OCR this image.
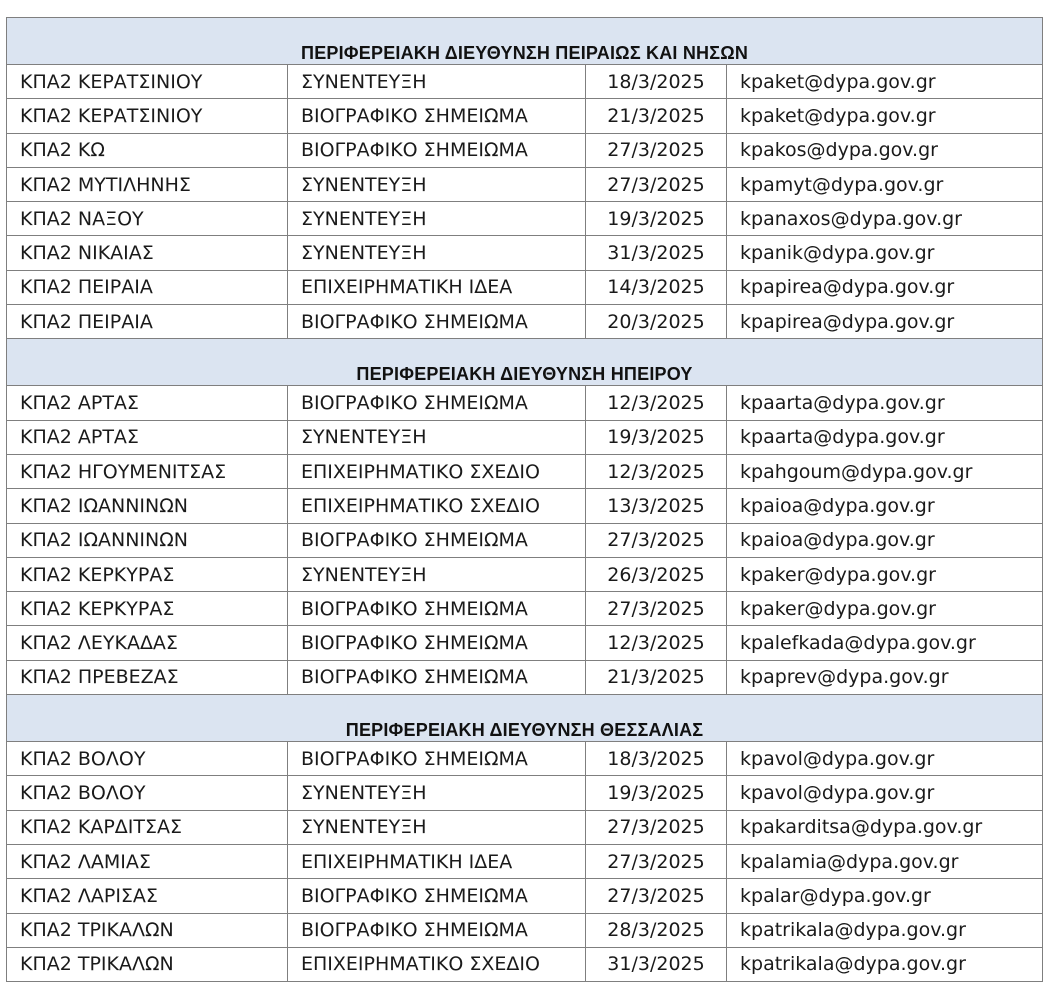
ΠΕΡΙΦΕΡΕΙΑΚΗ ΔΙΕΥΘΥΝΣΗ ΠΕΙΡΑΙΩΣ ΚΑΙ ΝΗΣΩΝ			
ΚΠΑ2 ΚΕΡΑΤΣΙΝΙΟΥ	ΣΥΝΕΝΤΕΥΞΗ	18/3/2025	kpaket@dypa.gov.gr
ΚΠΑ2 ΚΕΡΑΤΣΙΝΙΟΥ	ΒΙΟΓΡΑΦΙΚΟ ΣΗΜΕΙΩΜΑ	21/3/2025	kpaket@dypa.gov.gr
ΚΠΑ2 ΚΩ	ΒΙΟΓΡΑΦΙΚΟ ΣΗΜΕΙΩΜΑ	27/3/2025	kpakos@dypa.gov.gr
ΚΠΑ2 ΜΥΤΙΛΗΝΗΣ	ΣΥΝΕΝΤΕΥΞΗ	27/3/2025	kpamyt@dypa.gov.gr
ΚΠΑ2 ΝΑΞΟΥ	ΣΥΝΕΝΤΕΥΞΗ	19/3/2025	kpanaxos@dypa.gov.gr
ΚΠΑ2 ΝΙΚΑΙΑΣ	ΣΥΝΕΝΤΕΥΞΗ	31/3/2025	kpanik@dypa.gov.gr
ΚΠΑ2 ΠΕΙΡΑΙΑ	ΕΠΙΧΕΙΡΗΜΑΤΙΚΗ ΙΔΕΑ	14/3/2025	kpapirea@dypa.gov.gr
ΚΠΑ2 ΠΕΙΡΑΙΑ	ΒΙΟΓΡΑΦΙΚΟ ΣΗΜΕΙΩΜΑ	20/3/2025	kpapirea@dypa.gov.gr
ΠΕΡΙΦΕΡΕΙΑΚΗ ΔΙΕΥΘΥΝΣΗ ΗΠΕΙΡΟΥ			
ΚΠΑ2 ΑΡΤΑΣ	ΒΙΟΓΡΑΦΙΚΟ ΣΗΜΕΙΩΜΑ	12/3/2025	kpaarta@dypa.gov.gr
ΚΠΑ2 ΑΡΤΑΣ	ΣΥΝΕΝΤΕΥΞΗ	19/3/2025	kpaarta@dypa.gov.gr
ΚΠΑ2 ΗΓΟΥΜΕΝΙΤΣΑΣ	ΕΠΙΧΕΙΡΗΜΑΤΙΚΟ ΣΧΕΔΙΟ	12/3/2025	kpahgoum@dypa.gov.gr
ΚΠΑ2 ΙΩΑΝΝΙΝΩΝ	ΕΠΙΧΕΙΡΗΜΑΤΙΚΟ ΣΧΕΔΙΟ	13/3/2025	kpaioa@dypa.gov.gr
ΚΠΑ2 ΙΩΑΝΝΙΝΩΝ	ΒΙΟΓΡΑΦΙΚΟ ΣΗΜΕΙΩΜΑ	27/3/2025	kpaioa@dypa.gov.gr
ΚΠΑ2 ΚΕΡΚΥΡΑΣ	ΣΥΝΕΝΤΕΥΞΗ	26/3/2025	kpaker@dypa.gov.gr
ΚΠΑ2 ΚΕΡΚΥΡΑΣ	ΒΙΟΓΡΑΦΙΚΟ ΣΗΜΕΙΩΜΑ	27/3/2025	kpaker@dypa.gov.gr
ΚΠΑ2 ΛΕΥΚΑΔΑΣ	ΒΙΟΓΡΑΦΙΚΟ ΣΗΜΕΙΩΜΑ	12/3/2025	kpalefkada@dypa.gov.gr
ΚΠΑ2 ΠΡΕΒΕΖΑΣ	ΒΙΟΓΡΑΦΙΚΟ ΣΗΜΕΙΩΜΑ	21/3/2025	kpaprev@dypa.gov.gr
ΠΕΡΙΦΕΡΕΙΑΚΗ ΔΙΕΥΘΥΝΣΗ ΘΕΣΣΑΛΙΑΣ			
ΚΠΑ2 ΒΟΛΟΥ	ΒΙΟΓΡΑΦΙΚΟ ΣΗΜΕΙΩΜΑ	18/3/2025	kpavol@dypa.gov.gr
ΚΠΑ2 ΒΟΛΟΥ	ΣΥΝΕΝΤΕΥΞΗ	19/3/2025	kpavol@dypa.gov.gr
ΚΠΑ2 ΚΑΡΔΙΤΣΑΣ	ΣΥΝΕΝΤΕΥΞΗ	27/3/2025	kpakarditsa@dypa.gov.gr
ΚΠΑ2 ΛΑΜΙΑΣ	ΕΠΙΧΕΙΡΗΜΑΤΙΚΗ ΙΔΕΑ	27/3/2025	kpalamia@dypa.gov.gr
ΚΠΑ2 ΛΑΡΙΣΑΣ	ΒΙΟΓΡΑΦΙΚΟ ΣΗΜΕΙΩΜΑ	27/3/2025	kpalar@dypa.gov.gr
ΚΠΑ2 ΤΡΙΚΑΛΩΝ	ΒΙΟΓΡΑΦΙΚΟ ΣΗΜΕΙΩΜΑ	28/3/2025	kpatrikala@dypa.gov.gr
ΚΠΑ2 ΤΡΙΚΑΛΩΝ	ΕΠΙΧΕΙΡΗΜΑΤΙΚΟ ΣΧΕΔΙΟ	31/3/2025	kpatrikala@dypa.gov.gr
